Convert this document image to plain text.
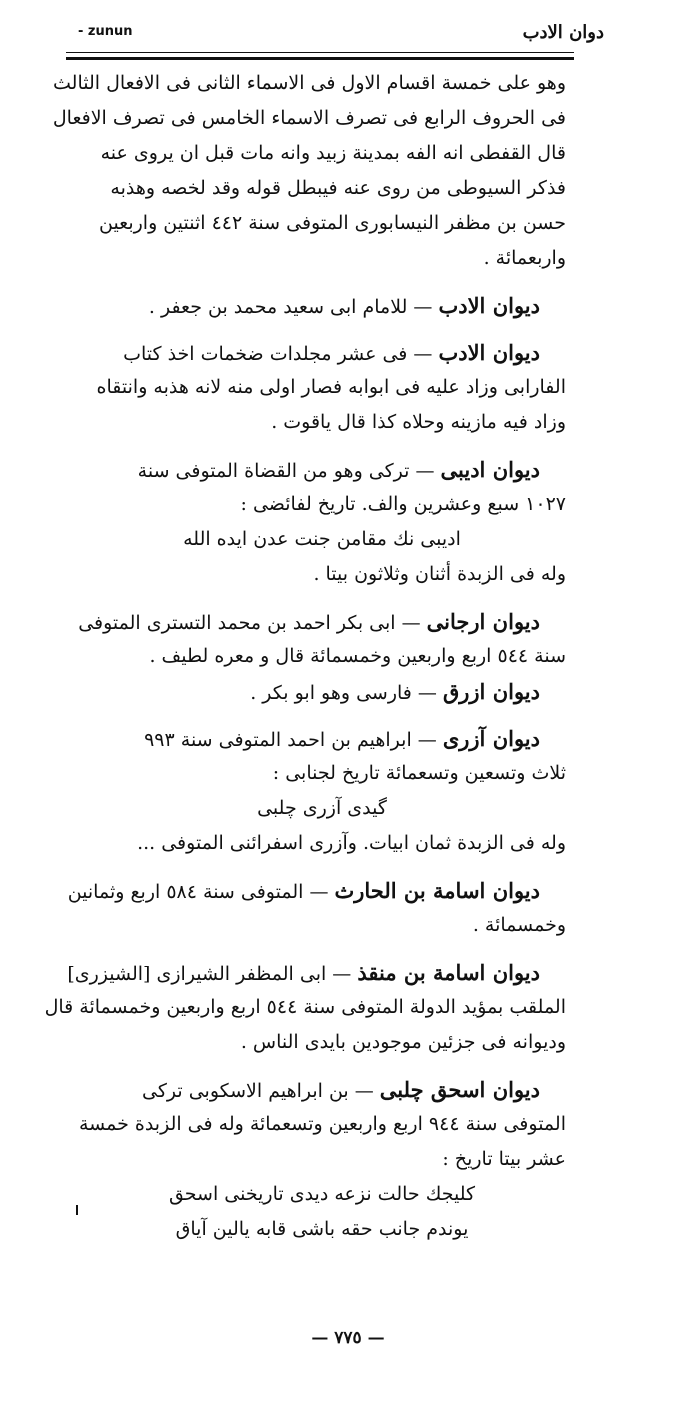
- zunun	دوان الادب
وهو على خمسة اقسام الاول فى الاسماء الثانى فى الافعال الثالث
فى الحروف الرابع فى تصرف الاسماء الخامس فى تصرف الافعال
قال القفطى انه الفه بمدينة زبيد وانه مات قبل ان يروى عنه
فذكر السيوطى من روى عنه فيبطل قوله وقد لخصه وهذبه
حسن بن مظفر النيسابورى المتوفى سنة ٤٤٢ اثنتين واربعين
واربعمائة .
ديوان الادب — للامام ابى سعيد محمد بن جعفر .
ديوان الادب — فى عشر مجلدات ضخمات اخذ كتاب
الفارابى وزاد عليه فى ابوابه فصار اولى منه لانه هذبه وانتقاه
وزاد فيه مازينه وحلاه كذا قال ياقوت .
ديوان اديبى — تركى وهو من القضاة المتوفى سنة
١٠٢٧ سبع وعشرين والف. تاريخ لفائضى :
اديبى نك مقامن جنت عدن ايده الله
وله فى الزبدة أثنان وثلاثون بيتا .
ديوان ارجانى — ابى بكر احمد بن محمد التسترى المتوفى
سنة ٥٤٤ اربع واربعين وخمسمائة قال و معره لطيف .
ديوان ازرق — فارسى وهو ابو بكر .
ديوان آزرى — ابراهيم بن احمد المتوفى سنة ٩٩٣
ثلاث وتسعين وتسعمائة تاريخ لجنابى :
گيدى آزرى چلبى
وله فى الزبدة ثمان ابيات. وآزرى اسفرائنى المتوفى ...
ديوان اسامة بن الحارث — المتوفى سنة ٥٨٤ اربع وثمانين
وخمسمائة .
ديوان اسامة بن منقذ — ابى المظفر الشيرازى [الشيزرى]
الملقب بمؤيد الدولة المتوفى سنة ٥٤٤ اربع واربعين وخمسمائة قال
وديوانه فى جزئين موجودين بايدى الناس .
ديوان اسحق چلبى — بن ابراهيم الاسكوبى تركى
المتوفى سنة ٩٤٤ اربع واربعين وتسعمائة وله فى الزبدة خمسة
عشر بيتا تاريخ :
كليجك حالت نزعه ديدى تاريخنى اسحق
يوندم جانب حقه باشى قابه يالين آياق
— ٧٧٥ —
